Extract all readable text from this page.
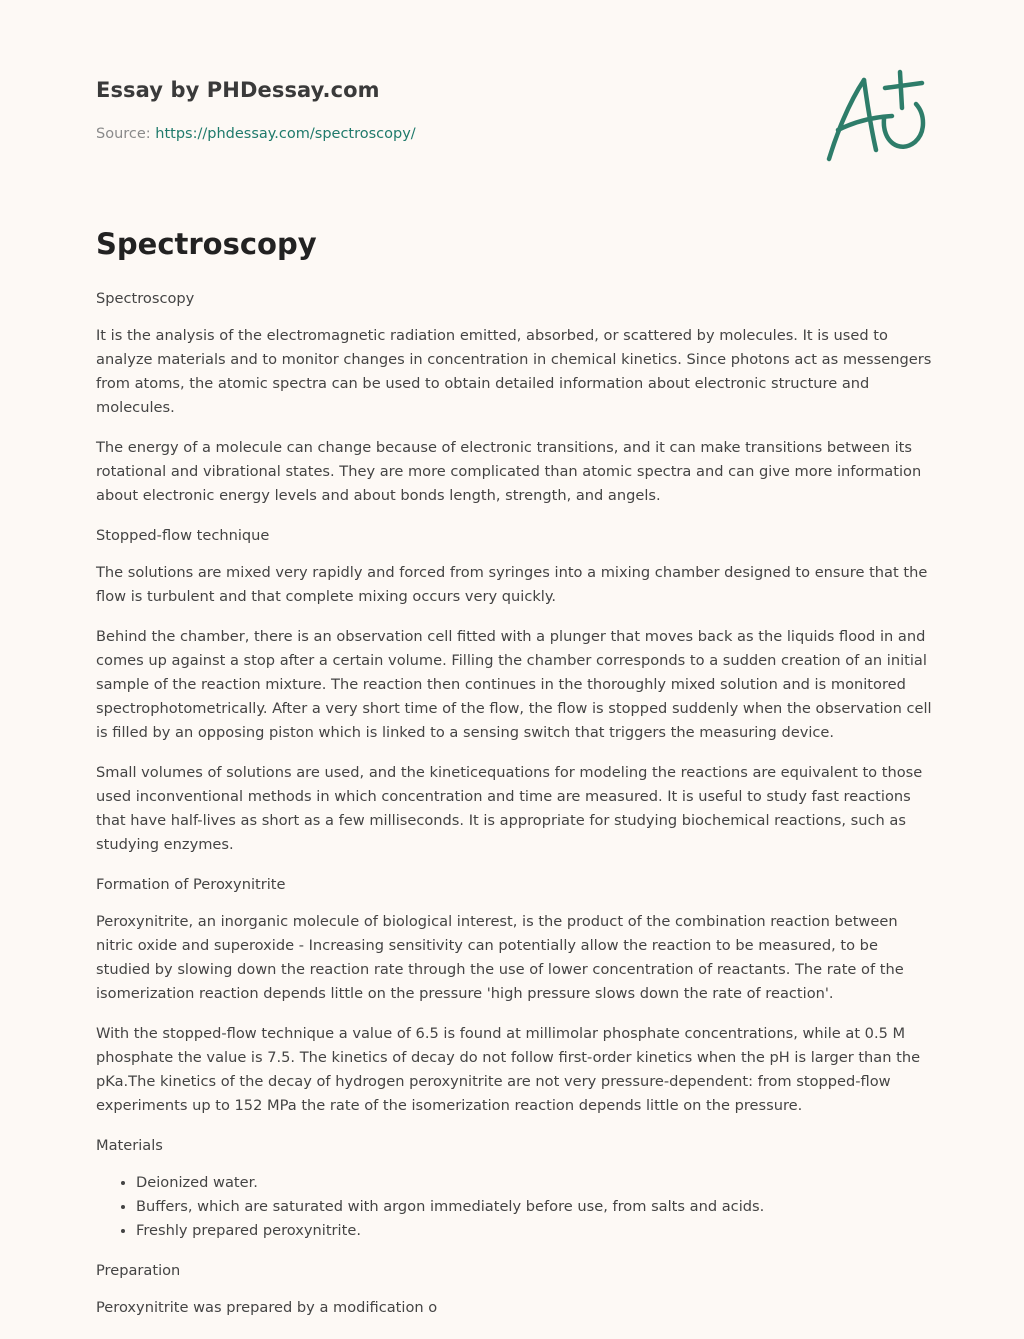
Essay by PHDessay.com
Source: https://phdessay.com/spectroscopy/
Spectroscopy

Spectroscopy

It is the analysis of the electromagnetic radiation emitted, absorbed, or scattered by molecules. It is used to analyze materials and to monitor changes in concentration in chemical kinetics. Since photons act as messengers from atoms, the atomic spectra can be used to obtain detailed information about electronic structure and molecules.

The energy of a molecule can change because of electronic transitions, and it can make transitions between its rotational and vibrational states. They are more complicated than atomic spectra and can give more information about electronic energy levels and about bonds length, strength, and angels.

Stopped-flow technique

The solutions are mixed very rapidly and forced from syringes into a mixing chamber designed to ensure that the flow is turbulent and that complete mixing occurs very quickly.

Behind the chamber, there is an observation cell fitted with a plunger that moves back as the liquids flood in and comes up against a stop after a certain volume. Filling the chamber corresponds to a sudden creation of an initial sample of the reaction mixture. The reaction then continues in the thoroughly mixed solution and is monitored spectrophotometrically. After a very short time of the flow, the flow is stopped suddenly when the observation cell is filled by an opposing piston which is linked to a sensing switch that triggers the measuring device.

Small volumes of solutions are used, and the kineticequations for modeling the reactions are equivalent to those used inconventional methods in which concentration and time are measured. It is useful to study fast reactions that have half-lives as short as a few milliseconds. It is appropriate for studying biochemical reactions, such as studying enzymes.

Formation of Peroxynitrite

Peroxynitrite, an inorganic molecule of biological interest, is the product of the combination reaction between nitric oxide and superoxide - Increasing sensitivity can potentially allow the reaction to be measured, to be studied by slowing down the reaction rate through the use of lower concentration of reactants. The rate of the isomerization reaction depends little on the pressure 'high pressure slows down the rate of reaction'.

With the stopped-flow technique a value of 6.5 is found at millimolar phosphate concentrations, while at 0.5 M phosphate the value is 7.5. The kinetics of decay do not follow first-order kinetics when the pH is larger than the pKa.The kinetics of the decay of hydrogen peroxynitrite are not very pressure-dependent: from stopped-flow experiments up to 152 MPa the rate of the isomerization reaction depends little on the pressure.

Materials

• Deionized water.
• Buffers, which are saturated with argon immediately before use, from salts and acids.
• Freshly prepared peroxynitrite.

Preparation

Peroxynitrite was prepared by a modification o
